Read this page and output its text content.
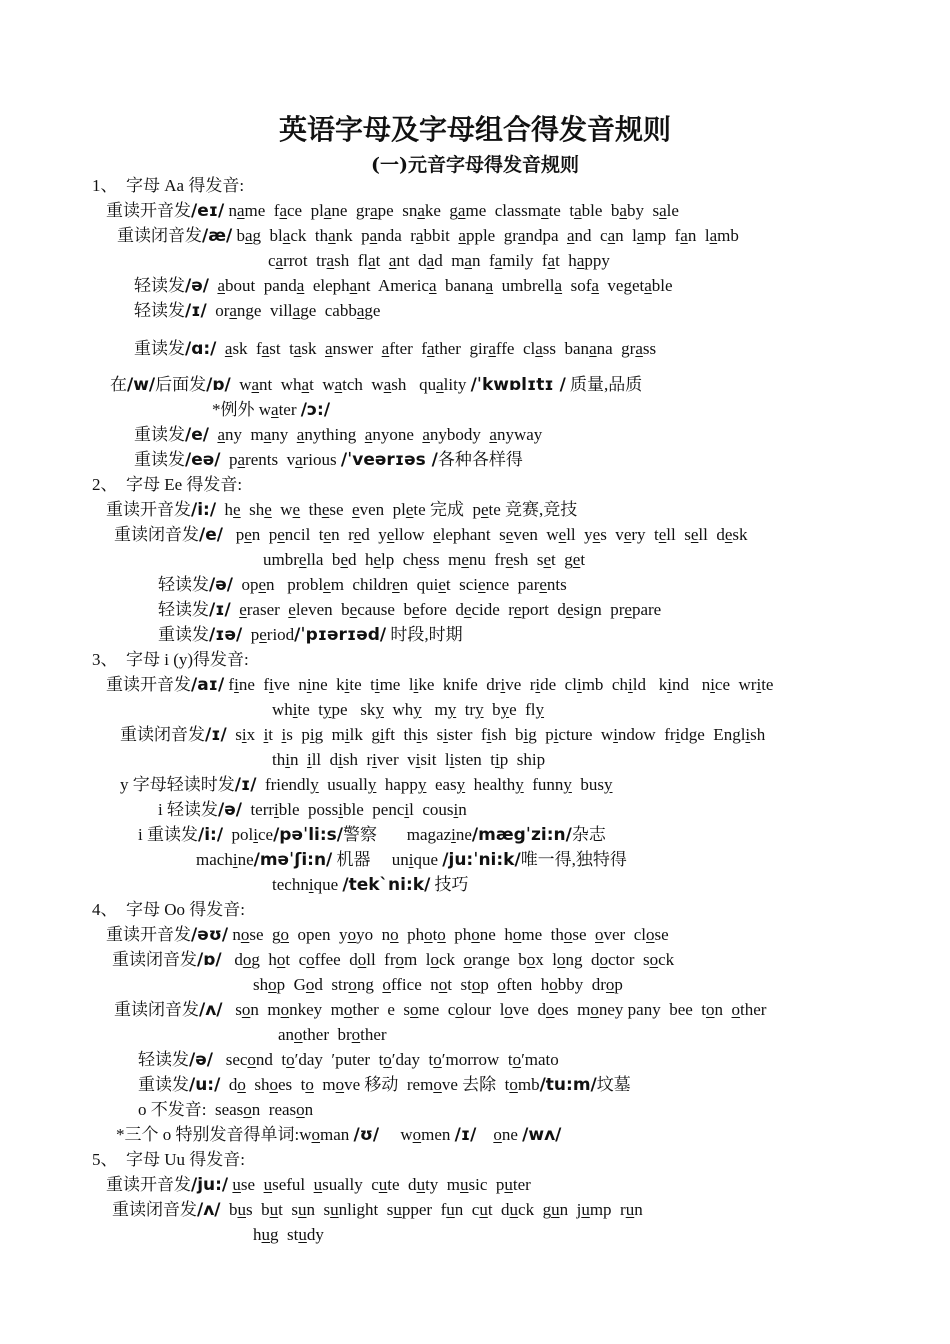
英语字母及字母组合得发音规则
(一)元音字母得发音规则
1、　字母 Aa 得发音:
重读开音发/eɪ/ name  face  plane  grape  snake  game  classmate  table  baby  sale
重读闭音发/æ/ bag  black  thank  panda  rabbit  apple  grandpa  and  can  lamp  fan  lamb
carrot  trash  flat  ant  dad  man  family  fat  happy
轻读发/ə/ about  panda  elephant  America  banana  umbrella  sofa  vegetable
轻读发/ɪ/  orange  village  cabbage
重读发/ɑ:/ ask  fast  task  answer  after  father  giraffe  class  banana  grass
在/w/后面发/ɒ/  want  what  watch  wash   quality /ˈkwɒlɪtɪ / 质量,品质
*例外 water /ɔ:/
重读发/e/ any  many  anything  anyone  anybody  anyway
重读发/eə/  parents  various /ˈveərɪəs /各种各样得
2、　字母 Ee 得发音:
重读开音发/i:/  he  she  we  these  even  plete 完成  pete 竞赛,竞技
重读闭音发/e/   pen  pencil  ten  red  yellow  elephant  seven  well  yes  very  tell  sell  desk
umbrella  bed  help  chess  menu  fresh  set  get
轻读发/ə/  open   problem  children  quiet  science  parents
轻读发/ɪ/ eraser  eleven  because  before  decide  report  design  prepare
重读发/ɪə/  period/ˈpɪərɪəd/ 时段,时期
3、　字母 i (y)得发音:
重读开音发/aɪ/ fine  five  nine  kite  time  like  knife  drive  ride  climb  child   kind   nice  write
white  type   sky  why   my  try  bye  fly
重读闭音发/ɪ/  six  it  is  pig  milk  gift  this  sister  fish  big  picture  window  fridge  English
thin  ill  dish  river  visit  listen  tip  ship
y 字母轻读时发/ɪ/  friendly  usually  happy  easy  healthy  funny  busy
i 轻读发/ə/  terrible  possible  pencil  cousin
i 重读发/i:/  police/pəˈli:s/警察       magazine/mægˈzi:n/杂志
machine/məˈʃi:n/ 机器     unique /ju:ˈni:k/唯一得,独特得
technique /tek`ni:k/ 技巧
4、　字母 Oo 得发音:
重读开音发/əʊ/ nose  go  open  yoyo  no  photo  phone  home  those  over  close
重读闭音发/ɒ/   dog  hot  coffee  doll  from  lock  orange  box  long  doctor  sock
shop  God  strong  office  not  stop  often  hobby  drop
重读闭音发/ʌ/   son  monkey  mother  e  some  colour  love  does  money pany  bee  ton  other
another  brother
轻读发/ə/   second  toʹday  ʹputer  toʹday  toʹmorrow  toʹmato
重读发/u:/  do  shoes  to  move 移动  remove 去除  tomb/tu:m/坟墓
o 不发音:  season  reason
*三个 o 特别发音得单词:woman /ʊ/     women /ɪ/ one /wʌ/
5、　字母 Uu 得发音:
重读开音发/ju:/ use  useful  usually  cute  duty  music  puter
重读闭音发/ʌ/  bus  but  sun  sunlight  supper  fun  cut  duck  gun  jump  run
hug  study
